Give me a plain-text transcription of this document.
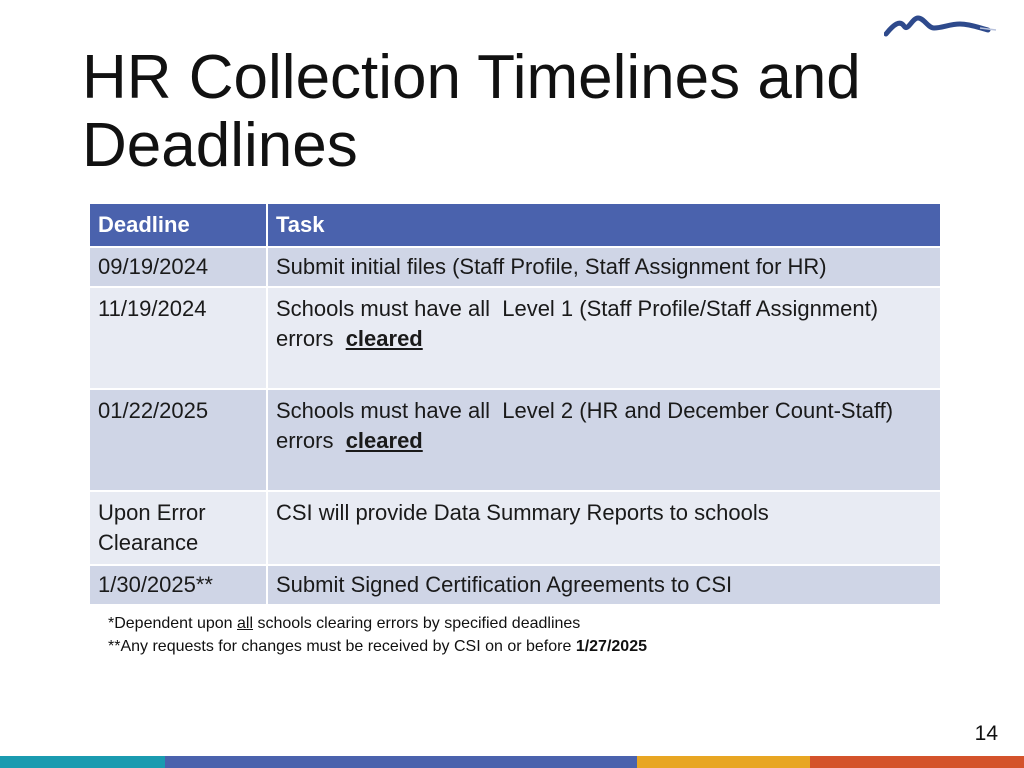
HR Collection Timelines and
Deadlines
Deadline	Task
09/19/2024	Submit initial files (Staff Profile, Staff Assignment for HR)
11/19/2024	Schools must have all  Level 1 (Staff Profile/Staff Assignment) errors  cleared
01/22/2025	Schools must have all  Level 2 (HR and December Count-Staff)  errors  cleared
Upon Error Clearance	CSI will provide Data Summary Reports to schools
1/30/2025**	Submit Signed Certification Agreements to CSI
*Dependent upon all schools clearing errors by specified deadlines
**Any requests for changes must be received by CSI on or before 1/27/2025
14
